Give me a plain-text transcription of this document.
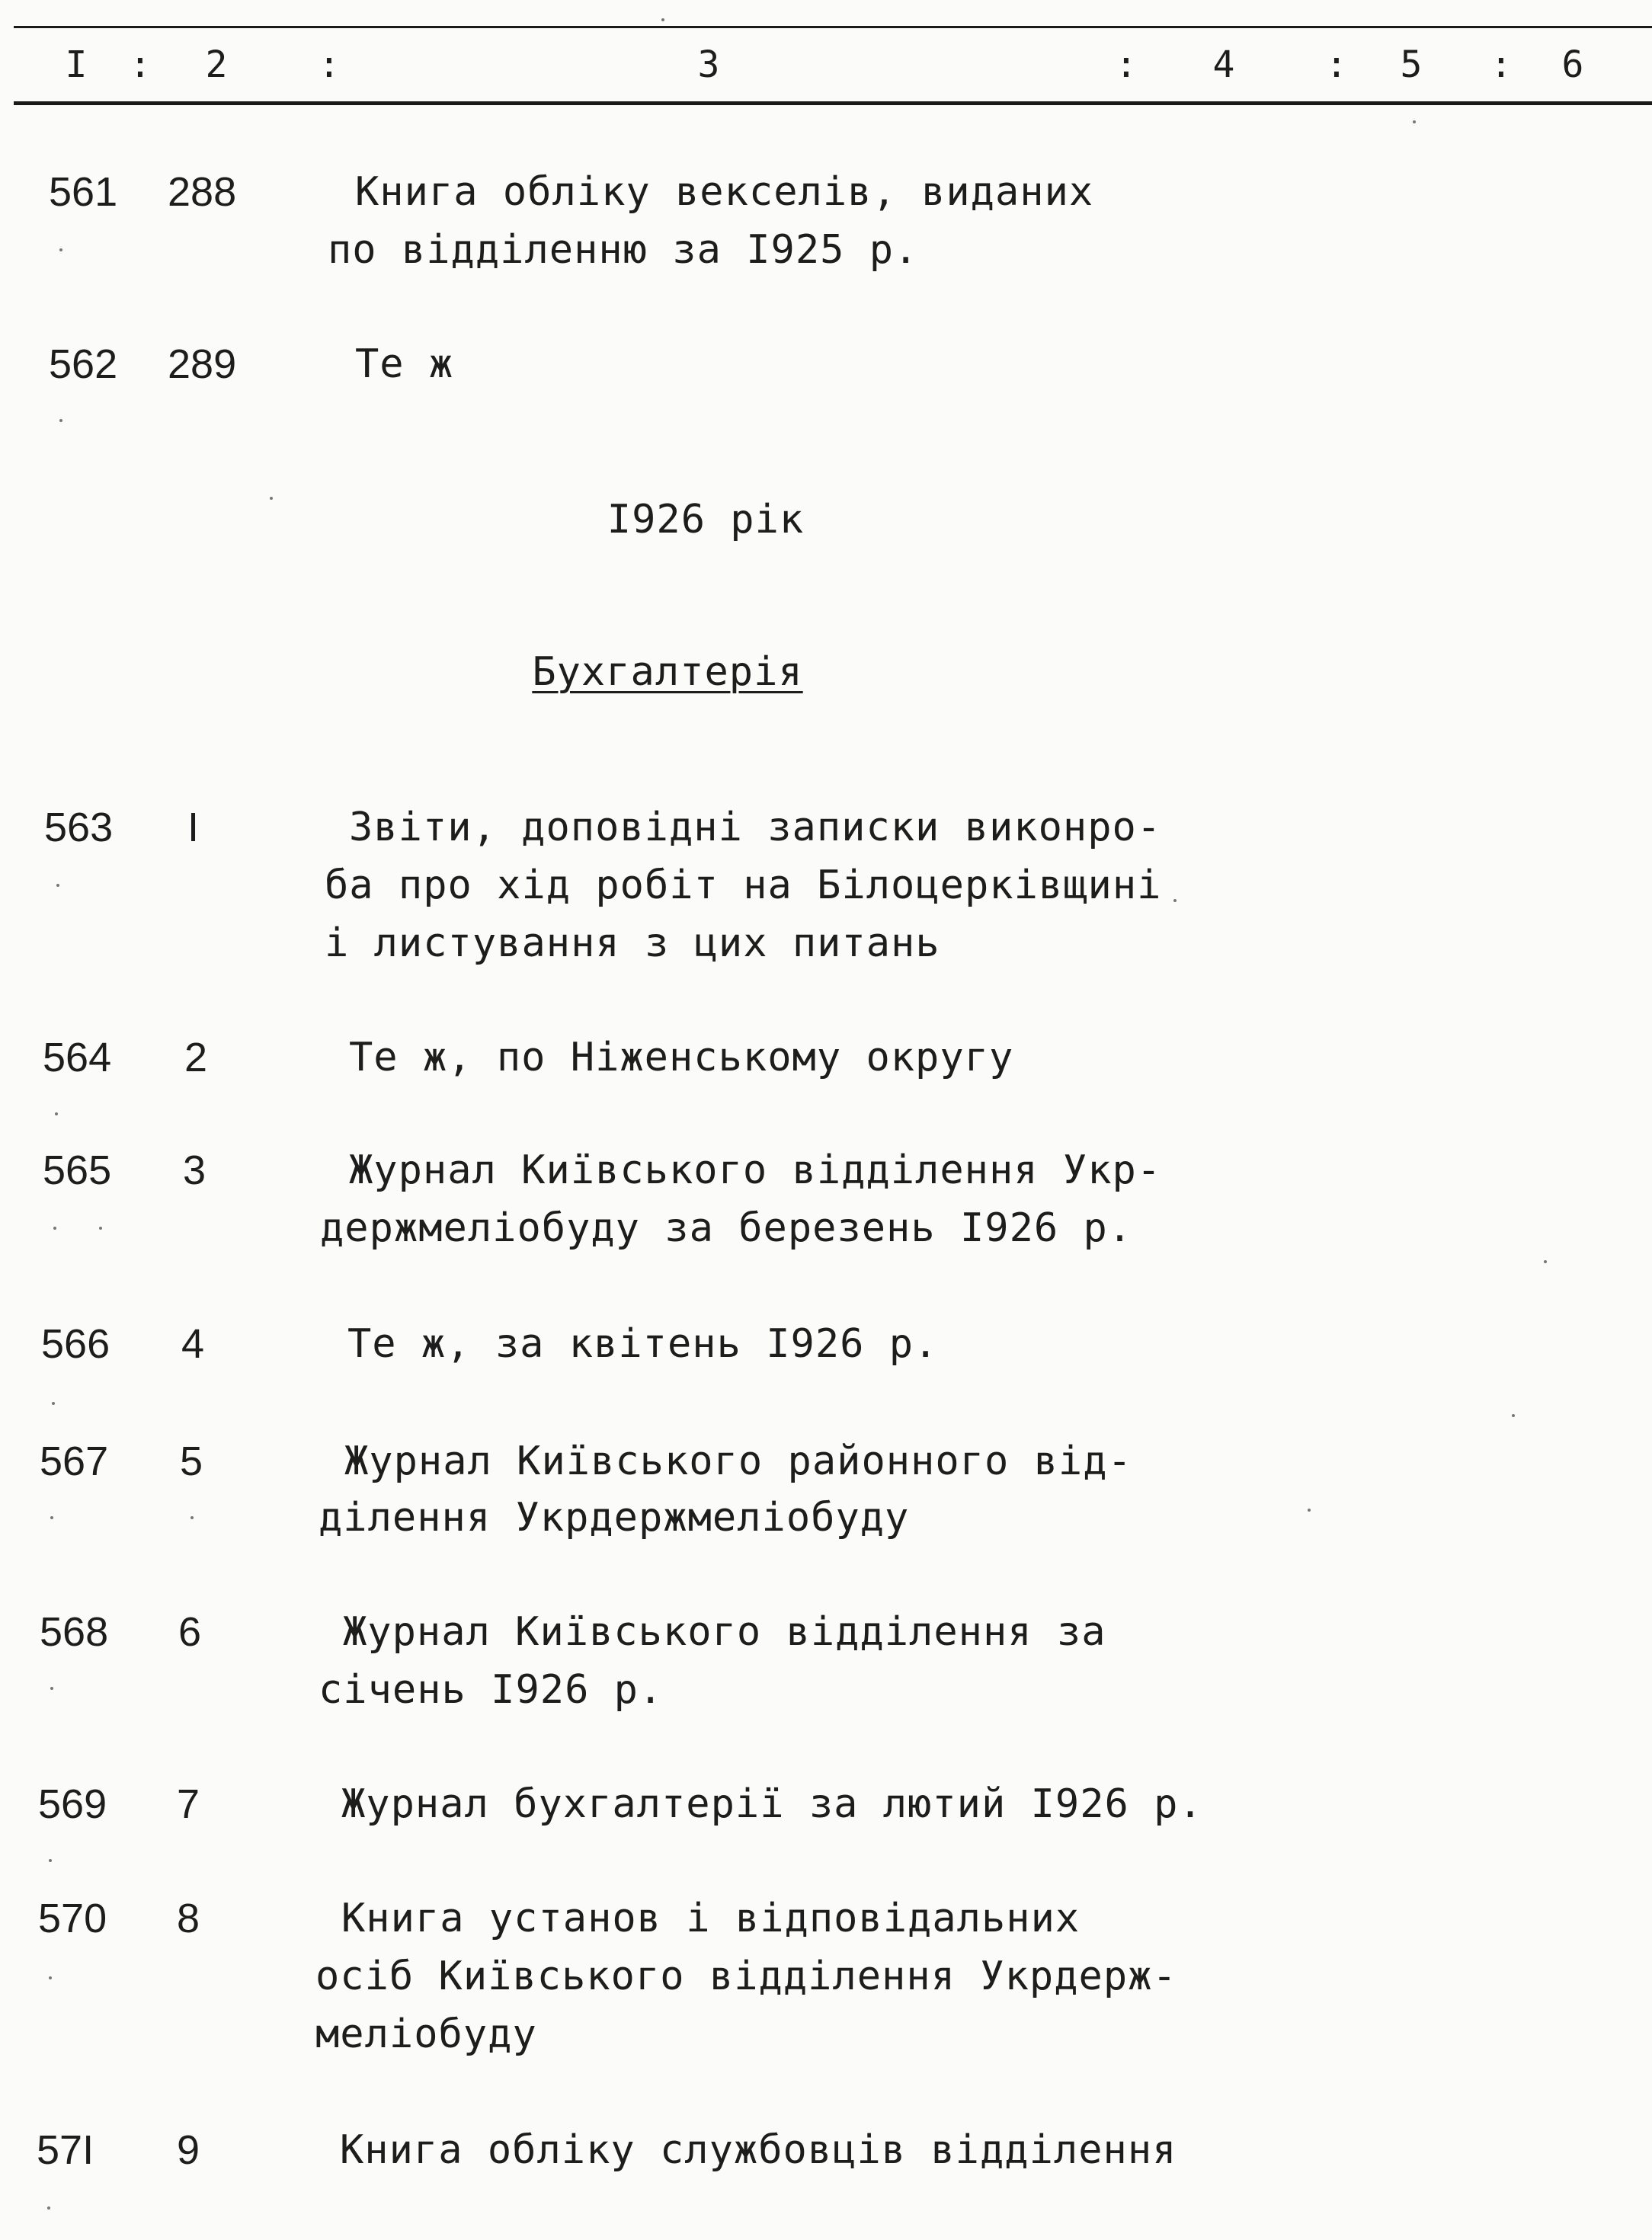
I : 2 :	3	: 4 : 5 : 6
561 288	Книга обліку векселів, виданих
по відділенню за I925 р.
562 289	Те ж
I926 рік
Бухгалтерія
563 I	Звіти, доповідні записки виконро-
ба про хід робіт на Білоцерківщині
і листування з цих питань
564 2	Те ж, по Ніженському округу
565 3	Журнал Київського відділення Укр-
держмеліобуду за березень I926 р.
566 4	Те ж, за квітень I926 р.
567 5	Журнал Київського районного від-
ділення Укрдержмеліобуду
568 6	Журнал Київського відділення за
січень I926 р.
569 7	Журнал бухгалтерії за лютий I926 р.
570 8	Книга установ і відповідальних
осіб Київського відділення Укрдерж-
меліобуду
57I 9	Книга обліку службовців відділення
